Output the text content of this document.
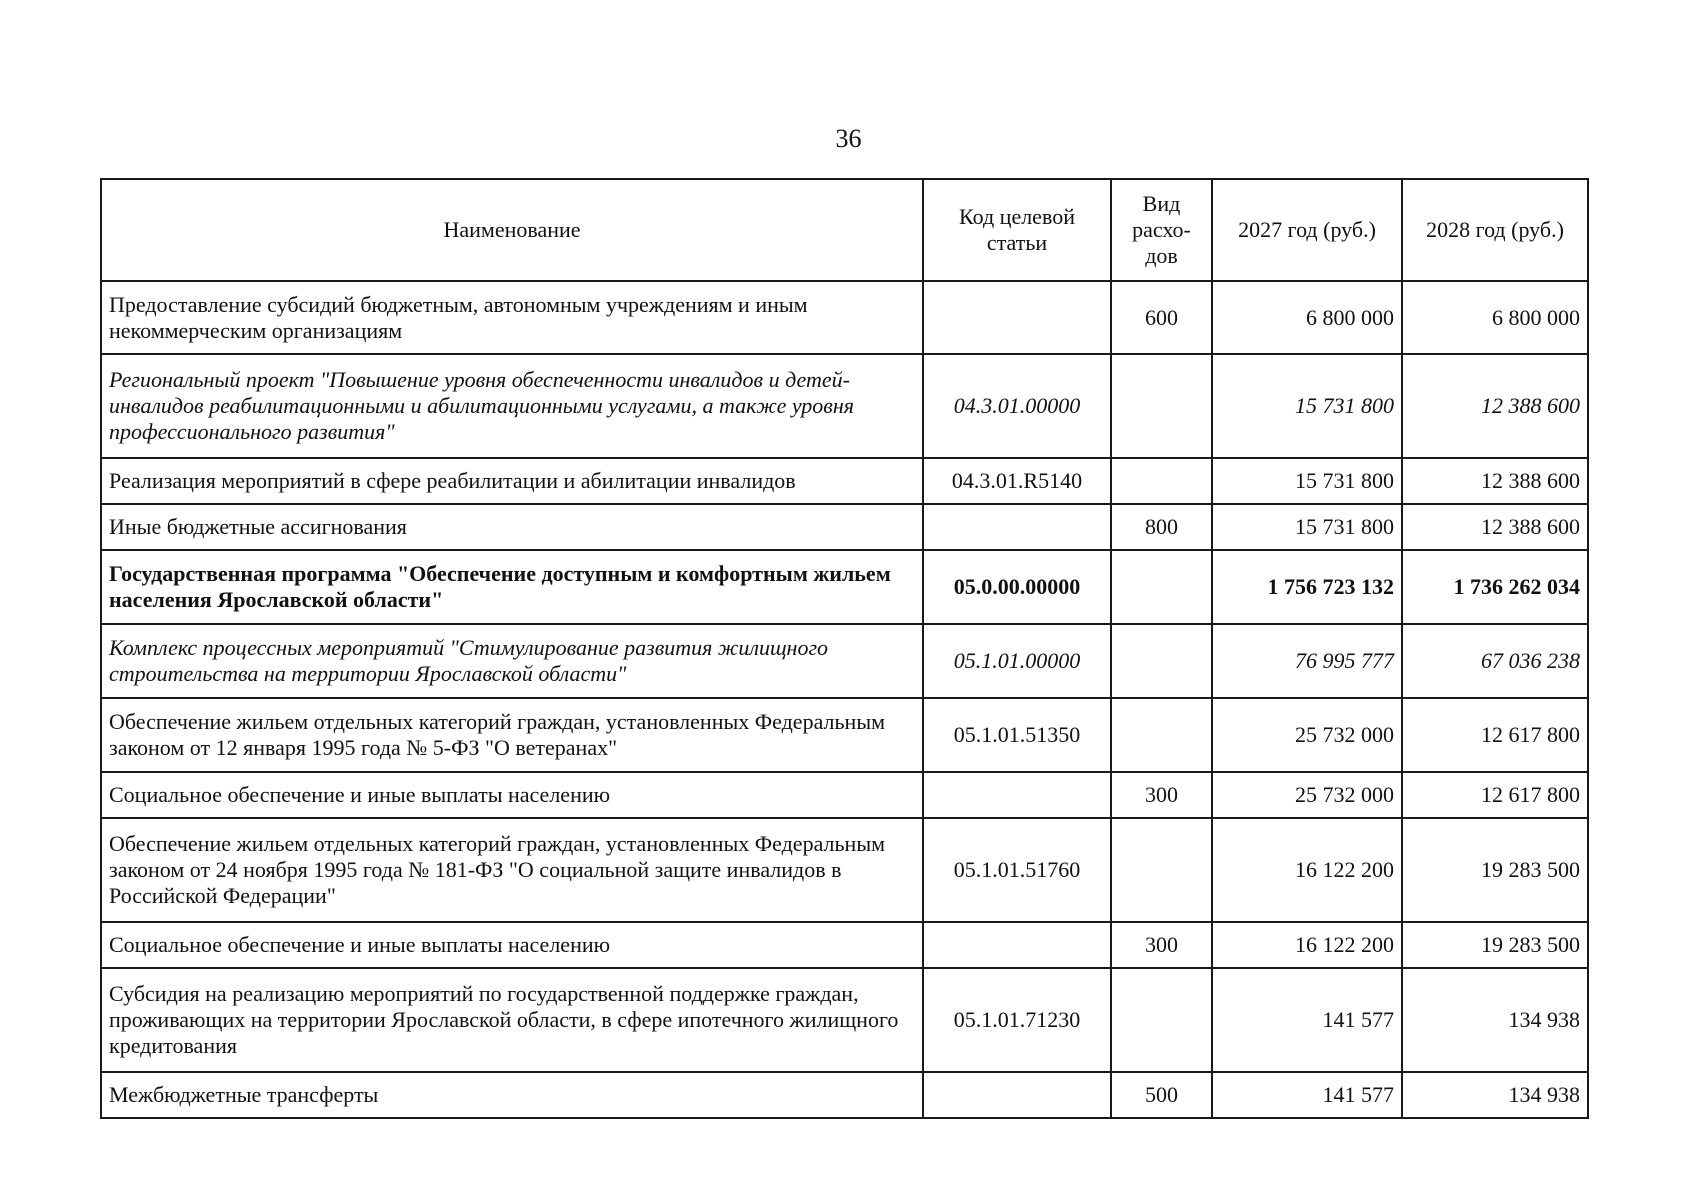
36
Наименование	Код целевой статьи	Вид расхо-дов	2027 год (руб.)	2028 год (руб.)
Предоставление субсидий бюджетным, автономным учреждениям и иным некоммерческим организациям		600	6 800 000	6 800 000
Региональный проект "Повышение уровня обеспеченности инвалидов и детей-инвалидов реабилитационными и абилитационными услугами, а также уровня профессионального развития"	04.3.01.00000		15 731 800	12 388 600
Реализация мероприятий в сфере реабилитации и абилитации инвалидов	04.3.01.R5140		15 731 800	12 388 600
Иные бюджетные ассигнования		800	15 731 800	12 388 600
Государственная программа "Обеспечение доступным и комфортным жильем населения Ярославской области"	05.0.00.00000		1 756 723 132	1 736 262 034
Комплекс процессных мероприятий "Стимулирование развития жилищного строительства на территории Ярославской области"	05.1.01.00000		76 995 777	67 036 238
Обеспечение жильем отдельных категорий граждан, установленных Федеральным законом от 12 января 1995 года № 5-ФЗ "О ветеранах"	05.1.01.51350		25 732 000	12 617 800
Социальное обеспечение и иные выплаты населению		300	25 732 000	12 617 800
Обеспечение жильем отдельных категорий граждан, установленных Федеральным законом от 24 ноября 1995 года № 181-ФЗ "О социальной защите инвалидов в Российской Федерации"	05.1.01.51760		16 122 200	19 283 500
Социальное обеспечение и иные выплаты населению		300	16 122 200	19 283 500
Субсидия на реализацию мероприятий по государственной поддержке граждан, проживающих на территории Ярославской области, в сфере ипотечного жилищного кредитования	05.1.01.71230		141 577	134 938
Межбюджетные трансферты		500	141 577	134 938
